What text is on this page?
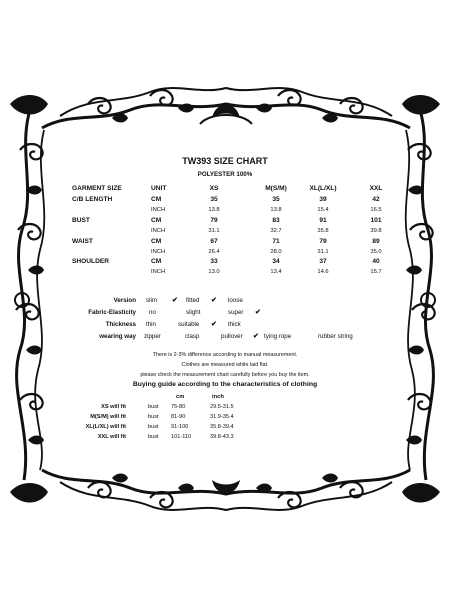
TW393 SIZE CHART
POLYESTER 100%
GARMENT SIZE	UNIT	XS	M(S/M)	XL(L/XL)	XXL
C/B LENGTH	CM	35	35	39	42
INCH	13.8	13.8	15.4	16.5
BUST	CM	79	83	91	101
INCH	31.1	32.7	35.8	39.8
WAIST	CM	67	71	79	89
INCH	26.4	28.0	31.1	35.0
SHOULDER	CM	33	34	37	40
INCH	13.0	13.4	14.6	15.7
Version slim ✔ fitted ✔ loose
Fabric-Elasticity no	slight	super ✔
Thickness thin	suitable ✔ thick
wearing way zipper	clasp	pullover ✔ tying rope	rubber string
There is 2-3% difference according to manual measurement.
Clothes are measured while laid flat.
please check the measurement chart carefully before you buy the item.
Buying guide according to the characteristics of clothing
cm	inch
XS will fit	bust 75-80	29.5-31.5
M(S/M) will fit	bust 81-90	31.9-35.4
XL(L/XL) will fit	bust 91-100	35.8-39.4
XXL will fit	bust 101-110	39.8-43.3
